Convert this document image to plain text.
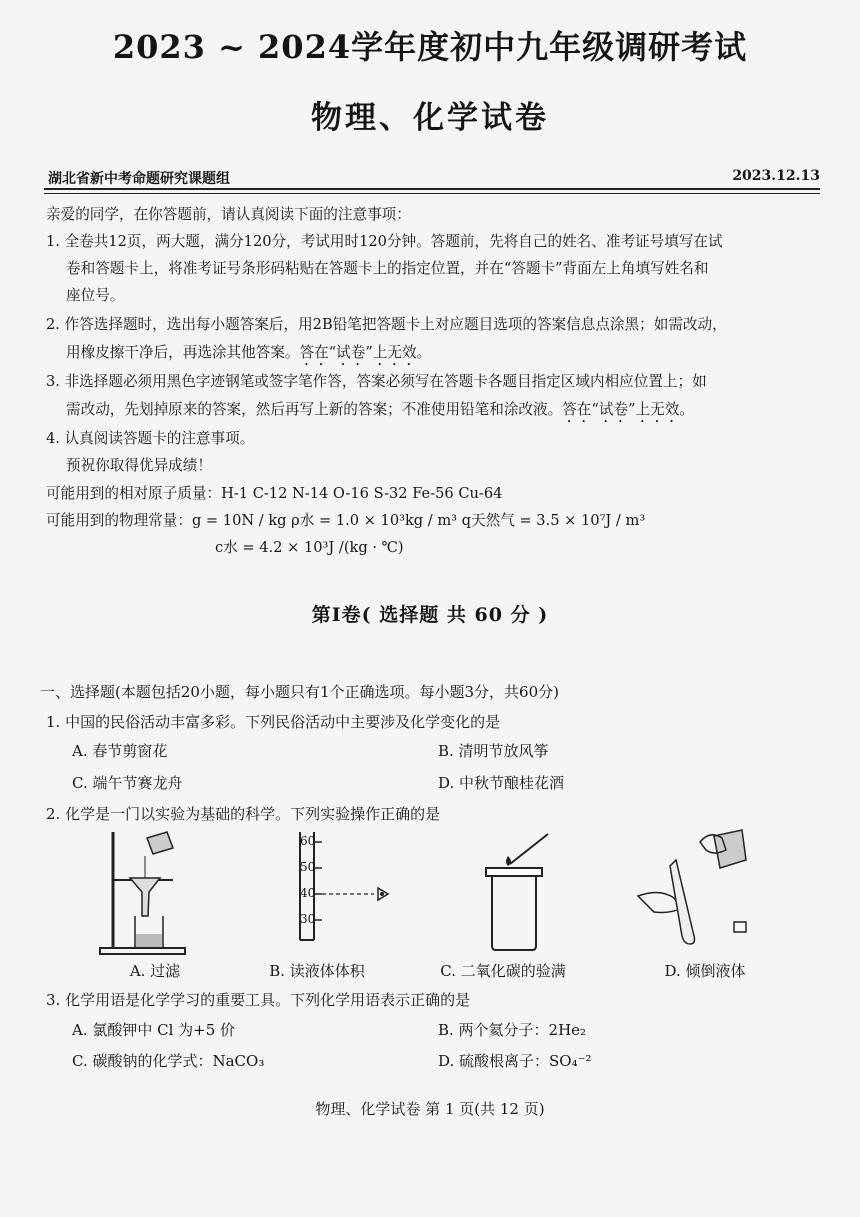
2023 ~ 2024学年度初中九年级调研考试
物理、化学试卷
湖北省新中考命题研究课题组	2023.12.13
亲爱的同学，在你答题前，请认真阅读下面的注意事项：
1. 全卷共12页，两大题，满分120分，考试用时120分钟。答题前，先将自己的姓名、准考证号填写在试
卷和答题卡上，将准考证号条形码粘贴在答题卡上的指定位置，并在“答题卡”背面左上角填写姓名和
座位号。
2. 作答选择题时，选出每小题答案后，用2B铅笔把答题卡上对应题目选项的答案信息点涂黑；如需改动，
用橡皮擦干净后，再选涂其他答案。答在“试卷”上无效。
3. 非选择题必须用黑色字迹钢笔或签字笔作答，答案必须写在答题卡各题目指定区域内相应位置上；如
需改动，先划掉原来的答案，然后再写上新的答案；不准使用铅笔和涂改液。答在“试卷”上无效。
4. 认真阅读答题卡的注意事项。
预祝你取得优异成绩！
可能用到的相对原子质量：H-1 C-12 N-14 O-16 S-32 Fe-56 Cu-64
可能用到的物理常量：g = 10N / kg ρ水 = 1.0 × 10³kg / m³ q天然气 = 3.5 × 10⁷J / m³
c水 = 4.2 × 10³J /(kg · ℃)
第Ⅰ卷( 选择题 共 60 分 )
一、选择题(本题包括20小题，每小题只有1个正确选项。每小题3分，共60分)
1. 中国的民俗活动丰富多彩。下列民俗活动中主要涉及化学变化的是
A. 春节剪窗花	B. 清明节放风筝
C. 端午节赛龙舟	D. 中秋节酿桂花酒
2. 化学是一门以实验为基础的科学。下列实验操作正确的是
60
50
40
30
A. 过滤	B. 读液体体积	C. 二氧化碳的验满	D. 倾倒液体
3. 化学用语是化学学习的重要工具。下列化学用语表示正确的是
A. 氯酸钾中 Cl 为+5 价	B. 两个氦分子：2He₂
C. 碳酸钠的化学式：NaCO₃	D. 硫酸根离子：SO₄⁻²
物理、化学试卷 第 1 页(共 12 页)
